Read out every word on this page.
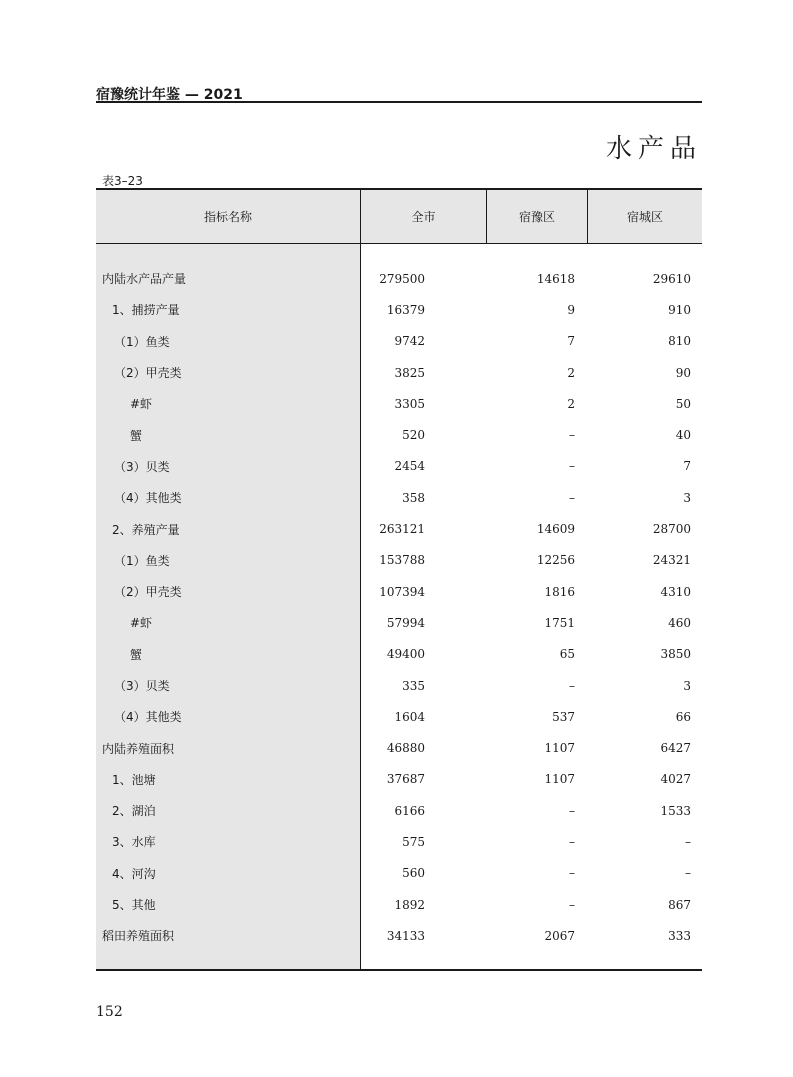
宿豫统计年鉴 — 2021
水产品
表3–23
指标名称	全市	宿豫区	宿城区
内陆水产品产量	279500	14618	29610
1、捕捞产量	16379	9	910
（1）鱼类	9742	7	810
（2）甲壳类	3825	2	90
#虾	3305	2	50
蟹	520	–	40
（3）贝类	2454	–	7
（4）其他类	358	–	3
2、养殖产量	263121	14609	28700
（1）鱼类	153788	12256	24321
（2）甲壳类	107394	1816	4310
#虾	57994	1751	460
蟹	49400	65	3850
（3）贝类	335	–	3
（4）其他类	1604	537	66
内陆养殖面积	46880	1107	6427
1、池塘	37687	1107	4027
2、湖泊	6166	–	1533
3、水库	575	–	–
4、河沟	560	–	–
5、其他	1892	–	867
稻田养殖面积	34133	2067	333
152
